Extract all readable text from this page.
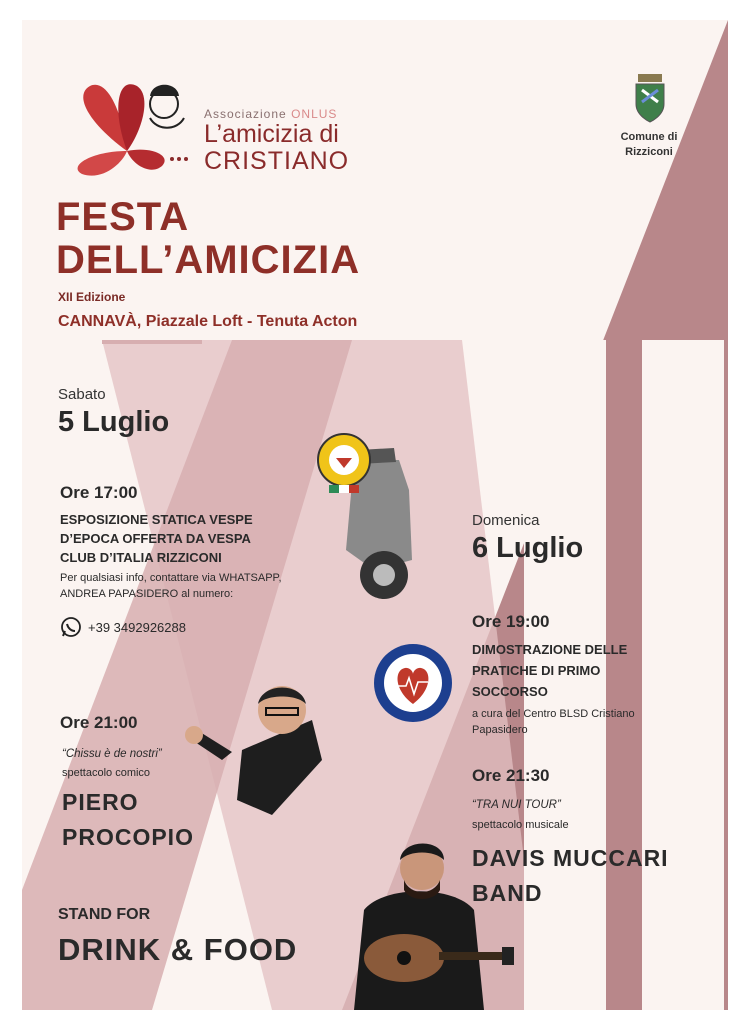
Associazione ONLUS
L’amicizia di
CRISTIANO
Comune di Rizziconi
FESTA
DELL’AMICIZIA
XII Edizione
CANNAVÀ, Piazzale Loft - Tenuta Acton
Sabato
5 Luglio
Ore 17:00
ESPOSIZIONE STATICA VESPE
D’EPOCA OFFERTA DA VESPA
CLUB D’ITALIA RIZZICONI
Per qualsiasi info, contattare via WHATSAPP,
ANDREA PAPASIDERO al numero:
+39 3492926288
Ore 21:00
“Chissu è de nostri”
spettacolo comico
PIERO
PROCOPIO
Domenica
6 Luglio
Ore 19:00
DIMOSTRAZIONE DELLE
PRATICHE DI PRIMO
SOCCORSO
a cura del Centro BLSD Cristiano
Papasidero
Ore 21:30
“TRA NUI TOUR”
spettacolo musicale
DAVIS MUCCARI
BAND
STAND FOR
DRINK & FOOD
